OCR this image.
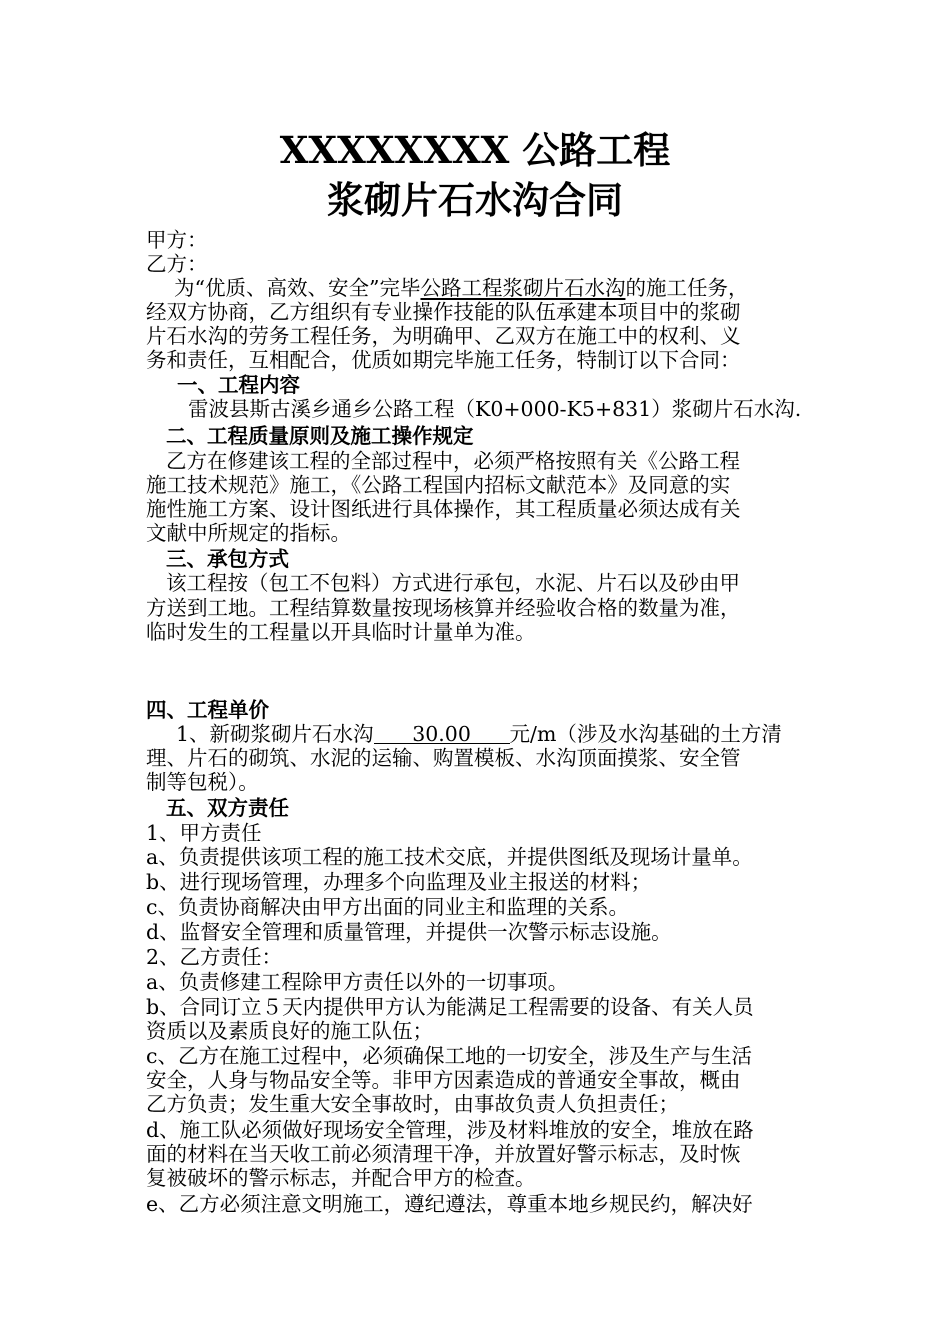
XXXXXXXX 公路工程
浆砌片石水沟合同
甲方：
乙方：
为“优质、高效、安全”完毕公路工程浆砌片石水沟的施工任务，
经双方协商，乙方组织有专业操作技能的队伍承建本项目中的浆砌
片石水沟的劳务工程任务，为明确甲、乙双方在施工中的权利、义
务和责任，互相配合，优质如期完毕施工任务，特制订以下合同：
一、工程内容
雷波县斯古溪乡通乡公路工程（K0+000-K5+831）浆砌片石水沟.
二、工程质量原则及施工操作规定
乙方在修建该工程的全部过程中，必须严格按照有关《公路工程
施工技术规范》施工，《公路工程国内招标文献范本》及同意的实
施性施工方案、设计图纸进行具体操作，其工程质量必须达成有关
文献中所规定的指标。
三、承包方式
该工程按（包工不包料）方式进行承包，水泥、片石以及砂由甲
方送到工地。工程结算数量按现场核算并经验收合格的数量为准，
临时发生的工程量以开具临时计量单为准。
四、工程单价
1、新砌浆砌片石水沟 30.00 元/m（涉及水沟基础的土方清
理、片石的砌筑、水泥的运输、购置模板、水沟顶面摸浆、安全管
制等包税）。
五、双方责任
1、甲方责任
a、负责提供该项工程的施工技术交底，并提供图纸及现场计量单。
b、进行现场管理，办理多个向监理及业主报送的材料；
c、负责协商解决由甲方出面的同业主和监理的关系。
d、监督安全管理和质量管理，并提供一次警示标志设施。
2、乙方责任：
a、负责修建工程除甲方责任以外的一切事项。
b、合同订立５天内提供甲方认为能满足工程需要的设备、有关人员
资质以及素质良好的施工队伍；
c、乙方在施工过程中，必须确保工地的一切安全，涉及生产与生活
安全，人身与物品安全等。非甲方因素造成的普通安全事故，概由
乙方负责；发生重大安全事故时，由事故负责人负担责任；
d、施工队必须做好现场安全管理，涉及材料堆放的安全，堆放在路
面的材料在当天收工前必须清理干净，并放置好警示标志，及时恢
复被破坏的警示标志，并配合甲方的检查。
e、乙方必须注意文明施工，遵纪遵法，尊重本地乡规民约，解决好
